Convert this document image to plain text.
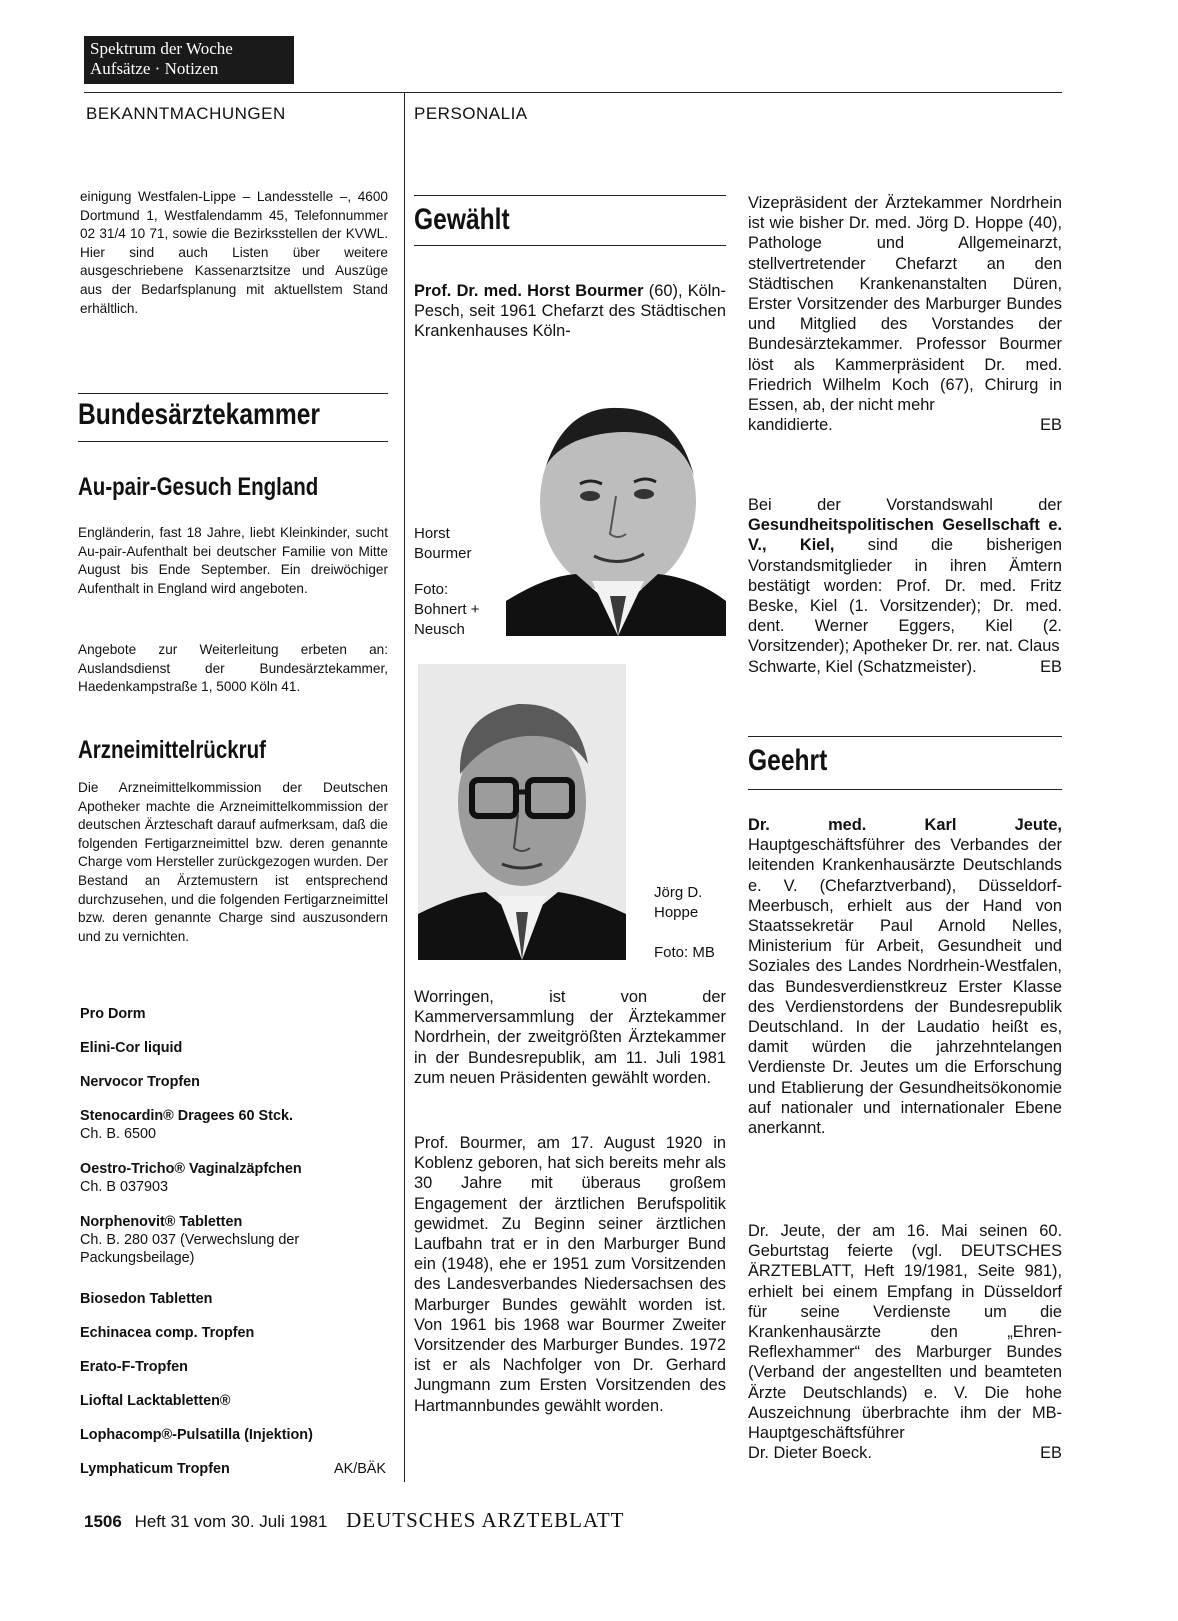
Spektrum der Woche
Aufsätze · Notizen
BEKANNTMACHUNGEN	PERSONALIA
einigung Westfalen-Lippe – Landesstelle –, 4600 Dortmund 1, Westfalendamm 45, Telefonnummer 02 31/4 10 71, sowie die Bezirksstellen der KVWL. Hier sind auch Listen über weitere ausgeschriebene Kassenarztsitze und Auszüge aus der Bedarfsplanung mit aktuellstem Stand erhältlich.
Bundesärztekammer
Au-pair-Gesuch England
Engländerin, fast 18 Jahre, liebt Kleinkinder, sucht Au-pair-Aufenthalt bei deutscher Familie von Mitte August bis Ende September. Ein dreiwöchiger Aufenthalt in England wird angeboten.
Angebote zur Weiterleitung erbeten an: Auslandsdienst der Bundesärztekammer, Haedenkampstraße 1, 5000 Köln 41.
Arzneimittelrückruf
Die Arzneimittelkommission der Deutschen Apotheker machte die Arzneimittelkommission der deutschen Ärzteschaft darauf aufmerksam, daß die folgenden Fertigarzneimittel bzw. deren genannte Charge vom Hersteller zurückgezogen wurden. Der Bestand an Ärztemustern ist entsprechend durchzusehen, und die folgenden Fertigarzneimittel bzw. deren genannte Charge sind auszusondern und zu vernichten.
Pro Dorm
Elini-Cor liquid
Nervocor Tropfen
Stenocardin® Dragees 60 Stck.
Ch. B. 6500
Oestro-Tricho® Vaginalzäpfchen
Ch. B 037903
Norphenovit® Tabletten
Ch. B. 280 037 (Verwechslung der Packungsbeilage)
Biosedon Tabletten
Echinacea comp. Tropfen
Erato-F-Tropfen
Lioftal Lacktabletten®
Lophacomp®-Pulsatilla (Injektion)
Lymphaticum Tropfen	AK/BÄK
Gewählt
Prof. Dr. med. Horst Bourmer (60), Köln-Pesch, seit 1961 Chefarzt des Städtischen Krankenhauses Köln-
Horst Bourmer
Foto: Bohnert + Neusch
Jörg D. Hoppe
Foto: MB
Worringen, ist von der Kammerversammlung der Ärztekammer Nordrhein, der zweitgrößten Ärztekammer in der Bundesrepublik, am 11. Juli 1981 zum neuen Präsidenten gewählt worden.
Prof. Bourmer, am 17. August 1920 in Koblenz geboren, hat sich bereits mehr als 30 Jahre mit überaus großem Engagement der ärztlichen Berufspolitik gewidmet. Zu Beginn seiner ärztlichen Laufbahn trat er in den Marburger Bund ein (1948), ehe er 1951 zum Vorsitzenden des Landesverbandes Niedersachsen des Marburger Bundes gewählt worden ist. Von 1961 bis 1968 war Bourmer Zweiter Vorsitzender des Marburger Bundes. 1972 ist er als Nachfolger von Dr. Gerhard Jungmann zum Ersten Vorsitzenden des Hartmannbundes gewählt worden.
Vizepräsident der Ärztekammer Nordrhein ist wie bisher Dr. med. Jörg D. Hoppe (40), Pathologe und Allgemeinarzt, stellvertretender Chefarzt an den Städtischen Krankenanstalten Düren, Erster Vorsitzender des Marburger Bundes und Mitglied des Vorstandes der Bundesärztekammer. Professor Bourmer löst als Kammerpräsident Dr. med. Friedrich Wilhelm Koch (67), Chirurg in Essen, ab, der nicht mehr
kandidierte.	EB
Bei der Vorstandswahl der Gesundheitspolitischen Gesellschaft e. V., Kiel, sind die bisherigen Vorstandsmitglieder in ihren Ämtern bestätigt worden: Prof. Dr. med. Fritz Beske, Kiel (1. Vorsitzender); Dr. med. dent. Werner Eggers, Kiel (2. Vorsitzender); Apotheker Dr. rer. nat. Claus
Schwarte, Kiel (Schatzmeister).	EB
Geehrt
Dr. med. Karl Jeute, Hauptgeschäftsführer des Verbandes der leitenden Krankenhausärzte Deutschlands e. V. (Chefarztverband), Düsseldorf-Meerbusch, erhielt aus der Hand von Staatssekretär Paul Arnold Nelles, Ministerium für Arbeit, Gesundheit und Soziales des Landes Nordrhein-Westfalen, das Bundesverdienstkreuz Erster Klasse des Verdienstordens der Bundesrepublik Deutschland. In der Laudatio heißt es, damit würden die jahrzehntelangen Verdienste Dr. Jeutes um die Erforschung und Etablierung der Gesundheitsökonomie auf nationaler und internationaler Ebene anerkannt.
Dr. Jeute, der am 16. Mai seinen 60. Geburtstag feierte (vgl. DEUTSCHES ÄRZTEBLATT, Heft 19/1981, Seite 981), erhielt bei einem Empfang in Düsseldorf für seine Verdienste um die Krankenhausärzte den „Ehren-Reflexhammer“ des Marburger Bundes (Verband der angestellten und beamteten Ärzte Deutschlands) e. V. Die hohe Auszeichnung überbrachte ihm der MB-Hauptgeschäftsführer
Dr. Dieter Boeck.	EB
1506 Heft 31 vom 30. Juli 1981 DEUTSCHES ARZTEBLATT
